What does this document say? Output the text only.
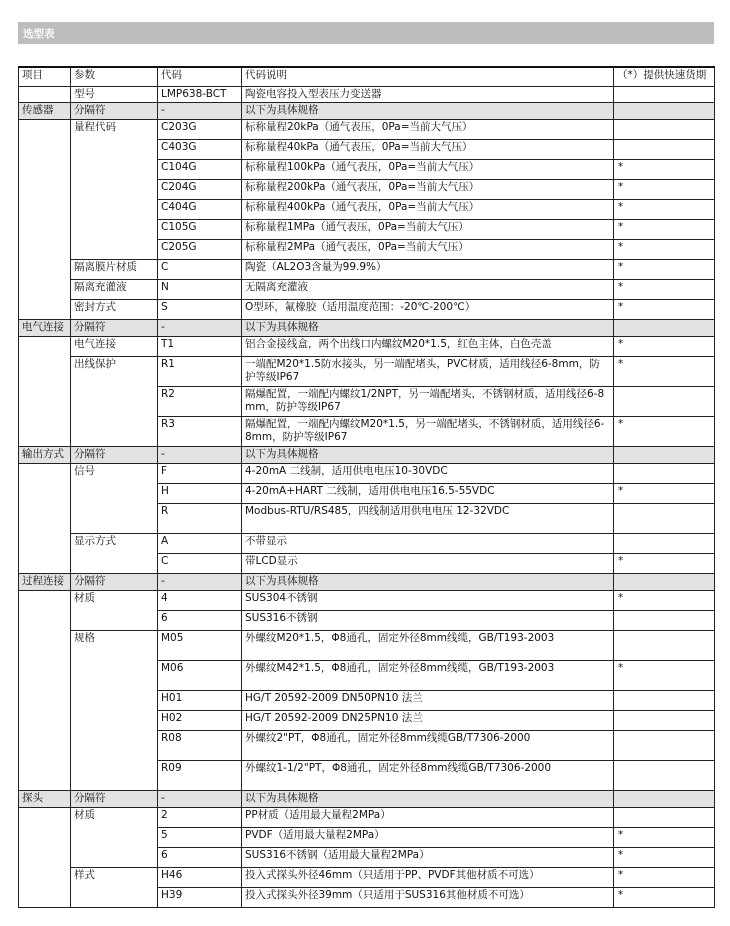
选型表
项目	参数	代码	代码说明	（*）提供快速货期
	型号	LMP638-BCT	陶瓷电容投入型表压力变送器	
传感器	分隔符	-	以下为具体规格	
	量程代码	C203G	标称量程20kPa（通气表压，0Pa=当前大气压）	
		C403G	标称量程40kPa（通气表压，0Pa=当前大气压）	
		C104G	标称量程100kPa（通气表压，0Pa=当前大气压）	*
		C204G	标称量程200kPa（通气表压，0Pa=当前大气压）	*
		C404G	标称量程400kPa（通气表压，0Pa=当前大气压）	*
		C105G	标称量程1MPa（通气表压，0Pa=当前大气压）	*
		C205G	标称量程2MPa（通气表压，0Pa=当前大气压）	*
	隔离膜片材质	C	陶瓷（AL2O3含量为99.9%）	*
	隔离充灌液	N	无隔离充灌液	*
	密封方式	S	O型环，氟橡胶（适用温度范围：-20℃-200℃）	*
电气连接	分隔符	-	以下为具体规格	
	电气连接	T1	铝合金接线盒，两个出线口内螺纹M20*1.5，红色主体，白色壳盖	*
	出线保护	R1	一端配M20*1.5防水接头，另一端配堵头，PVC材质，适用线径6-8mm，防护等级IP67	*
		R2	隔爆配置，一端配内螺纹1/2NPT，另一端配堵头，不锈钢材质，适用线径6-8mm，防护等级IP67	
		R3	隔爆配置，一端配内螺纹M20*1.5，另一端配堵头，不锈钢材质，适用线径6-8mm，防护等级IP67	*
输出方式	分隔符	-	以下为具体规格	
	信号	F	4-20mA 二线制，适用供电电压10-30VDC	
		H	4-20mA+HART 二线制，适用供电电压16.5-55VDC	*
		R	Modbus-RTU/RS485，四线制适用供电电压 12-32VDC	
	显示方式	A	不带显示	
		C	带LCD显示	*
过程连接	分隔符	-	以下为具体规格	
	材质	4	SUS304不锈钢	*
		6	SUS316不锈钢	
	规格	M05	外螺纹M20*1.5，Φ8通孔，固定外径8mm线缆，GB/T193-2003	
		M06	外螺纹M42*1.5，Φ8通孔，固定外径8mm线缆，GB/T193-2003	*
		H01	HG/T 20592-2009 DN50PN10 法兰	
		H02	HG/T 20592-2009 DN25PN10 法兰	
		R08	外螺纹2"PT，Φ8通孔，固定外径8mm线缆GB/T7306-2000	
		R09	外螺纹1-1/2"PT，Φ8通孔，固定外径8mm线缆GB/T7306-2000	
探头	分隔符	-	以下为具体规格	
	材质	2	PP材质（适用最大量程2MPa）	
		5	PVDF（适用最大量程2MPa）	*
		6	SUS316不锈钢（适用最大量程2MPa）	*
	样式	H46	投入式探头外径46mm（只适用于PP、PVDF其他材质不可选）	*
		H39	投入式探头外径39mm（只适用于SUS316其他材质不可选）	*
